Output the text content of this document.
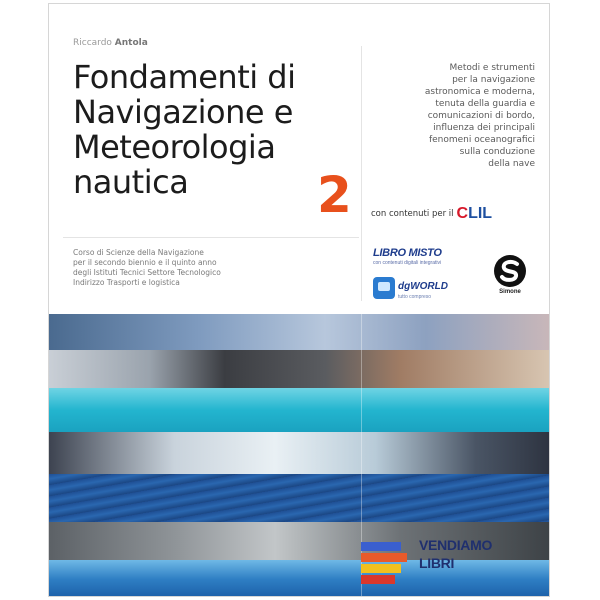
Riccardo Antola
Fondamenti di
Navigazione e
Meteorologia
nautica	2
Metodi e strumenti
per la navigazione
astronomica e moderna,
tenuta della guardia e
comunicazioni di bordo,
influenza dei principali
fenomeni oceanografici
sulla conduzione
della nave
con contenuti per il CLIL
Corso di Scienze della Navigazione
per il secondo biennio e il quinto anno
degli Istituti Tecnici Settore Tecnologico
Indirizzo Trasporti e logistica
LIBRO MISTO
con contenuti digitali integrativi
dgWORLD
tutto compreso
Simone
VENDIAMO
LIBRI
